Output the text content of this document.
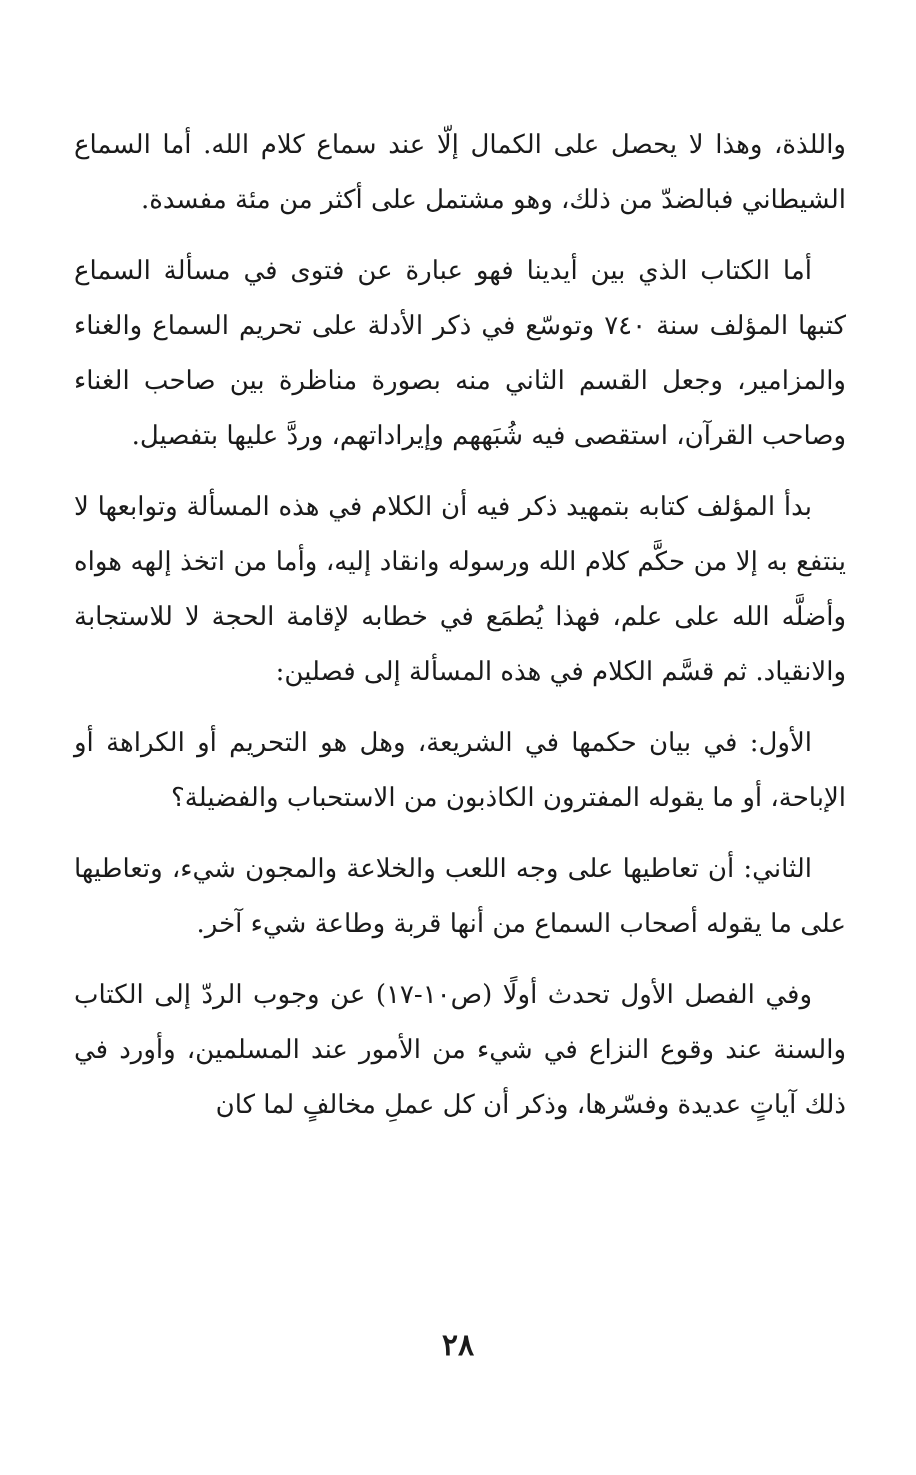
واللذة، وهذا لا يحصل على الكمال إلّا عند سماع كلام الله. أما السماع الشيطاني فبالضدّ من ذلك، وهو مشتمل على أكثر من مئة مفسدة.

أما الكتاب الذي بين أيدينا فهو عبارة عن فتوى في مسألة السماع كتبها المؤلف سنة ٧٤٠ وتوسّع في ذكر الأدلة على تحريم السماع والغناء والمزامير، وجعل القسم الثاني منه بصورة مناظرة بين صاحب الغناء وصاحب القرآن، استقصى فيه شُبَههم وإيراداتهم، وردَّ عليها بتفصيل.

بدأ المؤلف كتابه بتمهيد ذكر فيه أن الكلام في هذه المسألة وتوابعها لا ينتفع به إلا من حكَّم كلام الله ورسوله وانقاد إليه، وأما من اتخذ إلهه هواه وأضلَّه الله على علم، فهذا يُطمَع في خطابه لإقامة الحجة لا للاستجابة والانقياد. ثم قسَّم الكلام في هذه المسألة إلى فصلين:

الأول: في بيان حكمها في الشريعة، وهل هو التحريم أو الكراهة أو الإباحة، أو ما يقوله المفترون الكاذبون من الاستحباب والفضيلة؟

الثاني: أن تعاطيها على وجه اللعب والخلاعة والمجون شيء، وتعاطيها على ما يقوله أصحاب السماع من أنها قربة وطاعة شيء آخر.

وفي الفصل الأول تحدث أولًا (ص١٠-١٧) عن وجوب الردّ إلى الكتاب والسنة عند وقوع النزاع في شيء من الأمور عند المسلمين، وأورد في ذلك آياتٍ عديدة وفسّرها، وذكر أن كل عملِ مخالفٍ لما كان

٢٨
